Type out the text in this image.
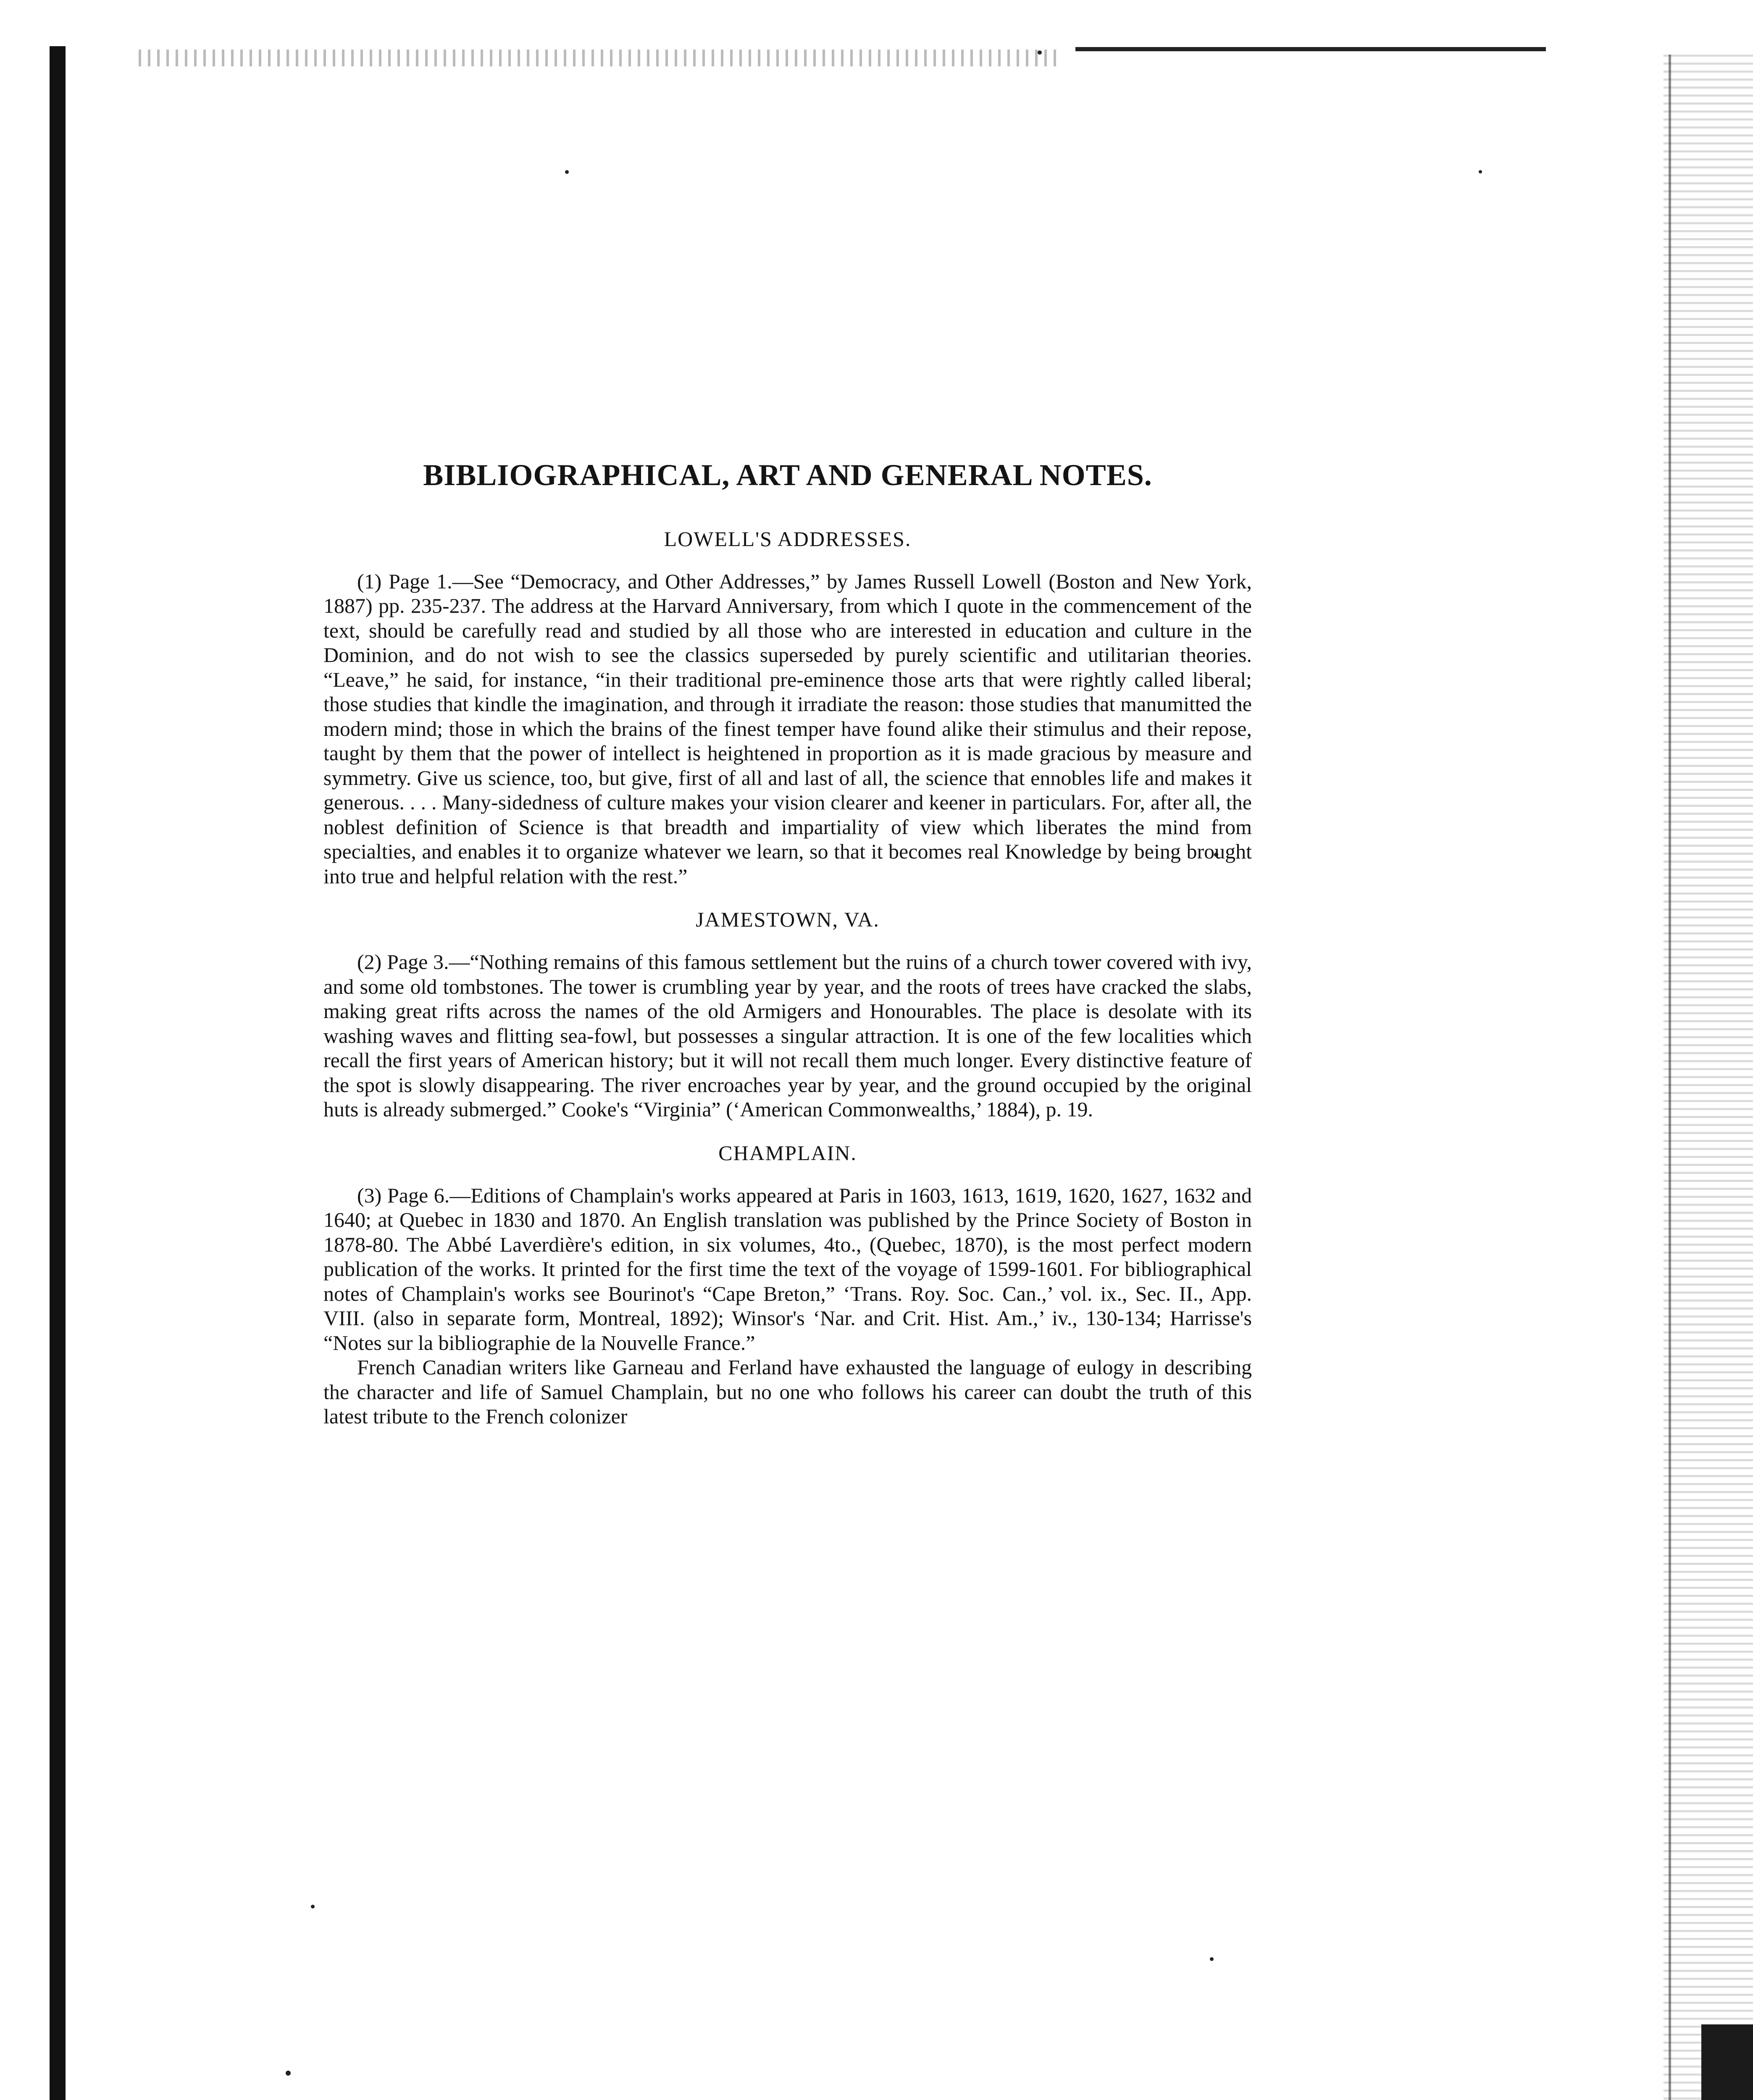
BIBLIOGRAPHICAL, ART AND GENERAL NOTES.
LOWELL'S ADDRESSES.

(1) Page 1.—See “Democracy, and Other Addresses,” by James Russell Lowell (Boston and New York, 1887) pp. 235-237. The address at the Harvard Anniversary, from which I quote in the commencement of the text, should be carefully read and studied by all those who are interested in education and culture in the Dominion, and do not wish to see the classics superseded by purely scientific and utilitarian theories. “Leave,” he said, for instance, “in their traditional pre-eminence those arts that were rightly called liberal; those studies that kindle the imagination, and through it irradiate the reason: those studies that manumitted the modern mind; those in which the brains of the finest temper have found alike their stimulus and their repose, taught by them that the power of intellect is heightened in proportion as it is made gracious by measure and symmetry. Give us science, too, but give, first of all and last of all, the science that ennobles life and makes it generous. . . . Many-sidedness of culture makes your vision clearer and keener in particulars. For, after all, the noblest definition of Science is that breadth and impartiality of view which liberates the mind from specialties, and enables it to organize whatever we learn, so that it becomes real Knowledge by being brought into true and helpful relation with the rest.”

JAMESTOWN, VA.

(2) Page 3.—“Nothing remains of this famous settlement but the ruins of a church tower covered with ivy, and some old tombstones. The tower is crumbling year by year, and the roots of trees have cracked the slabs, making great rifts across the names of the old Armigers and Honourables. The place is desolate with its washing waves and flitting sea-fowl, but possesses a singular attraction. It is one of the few localities which recall the first years of American history; but it will not recall them much longer. Every distinctive feature of the spot is slowly disappearing. The river encroaches year by year, and the ground occupied by the original huts is already submerged.” Cooke's “Virginia” (‘American Commonwealths,’ 1884), p. 19.

CHAMPLAIN.

(3) Page 6.—Editions of Champlain's works appeared at Paris in 1603, 1613, 1619, 1620, 1627, 1632 and 1640; at Quebec in 1830 and 1870. An English translation was published by the Prince Society of Boston in 1878-80. The Abbé Laverdière's edition, in six volumes, 4to., (Quebec, 1870), is the most perfect modern publication of the works. It printed for the first time the text of the voyage of 1599-1601. For bibliographical notes of Champlain's works see Bourinot's “Cape Breton,” ‘Trans. Roy. Soc. Can.,’ vol. ix., Sec. II., App. VIII. (also in separate form, Montreal, 1892); Winsor's ‘Nar. and Crit. Hist. Am.,’ iv., 130-134; Harrisse's “Notes sur la bibliographie de la Nouvelle France.”

French Canadian writers like Garneau and Ferland have exhausted the language of eulogy in describing the character and life of Samuel Champlain, but no one who follows his career can doubt the truth of this latest tribute to the French colonizer
